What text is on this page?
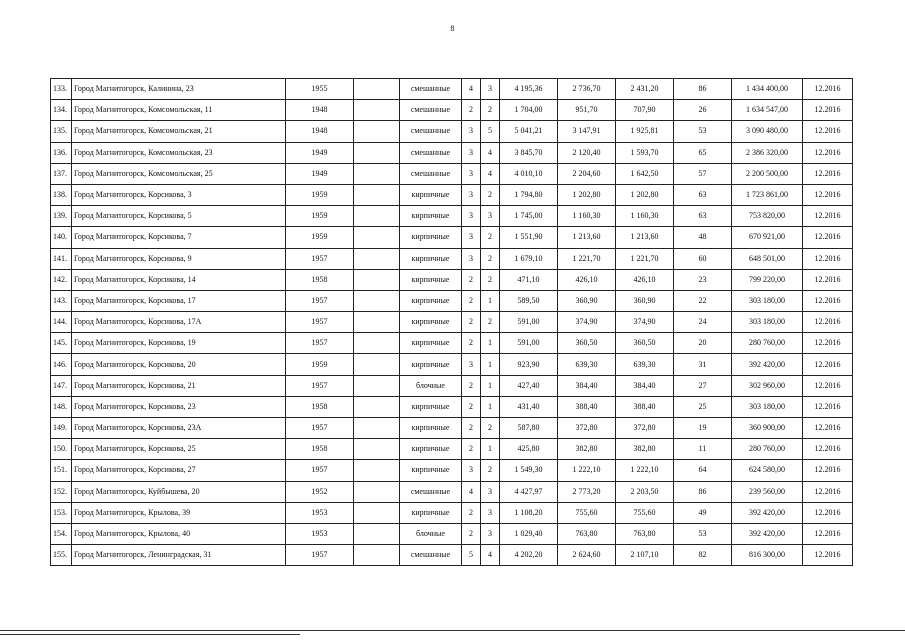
8
133.	Город Магнитогорск, Калинина, 23	1955		смешанные	4	3	4 195,36	2 736,70	2 431,20	86	1 434 400,00	12.2016
134.	Город Магнитогорск, Комсомольская, 11	1948		смешанные	2	2	1 704,00	951,70	707,90	26	1 634 547,00	12.2016
135.	Город Магнитогорск, Комсомольская, 21	1948		смешанные	3	5	5 041,21	3 147,91	1 925,81	53	3 090 480,00	12.2016
136.	Город Магнитогорск, Комсомольская, 23	1949		смешанные	3	4	3 845,70	2 120,40	1 593,70	65	2 386 320,00	12.2016
137.	Город Магнитогорск, Комсомольская, 25	1949		смешанные	3	4	4 010,10	2 204,60	1 642,50	57	2 200 500,00	12.2016
138.	Город Магнитогорск, Корсикова, 3	1959		кирпичные	3	2	1 794,80	1 202,80	1 202,80	63	1 723 861,00	12.2016
139.	Город Магнитогорск, Корсикова, 5	1959		кирпичные	3	3	1 745,00	1 160,30	1 160,30	63	753 820,00	12.2016
140.	Город Магнитогорск, Корсикова, 7	1959		кирпичные	3	2	1 551,90	1 213,60	1 213,60	48	670 921,00	12.2016
141.	Город Магнитогорск, Корсикова, 9	1957		кирпичные	3	2	1 679,10	1 221,70	1 221,70	60	648 501,00	12.2016
142.	Город Магнитогорск, Корсикова, 14	1958		кирпичные	2	2	471,10	426,10	426,10	23	799 220,00	12.2016
143.	Город Магнитогорск, Корсикова, 17	1957		кирпичные	2	1	589,50	360,90	360,90	22	303 180,00	12.2016
144.	Город Магнитогорск, Корсикова, 17А	1957		кирпичные	2	2	591,00	374,90	374,90	24	303 180,00	12.2016
145.	Город Магнитогорск, Корсикова, 19	1957		кирпичные	2	1	591,00	360,50	360,50	20	280 760,00	12.2016
146.	Город Магнитогорск, Корсикова, 20	1959		кирпичные	3	1	923,90	639,30	639,30	31	392 420,00	12.2016
147.	Город Магнитогорск, Корсикова, 21	1957		блочные	2	1	427,40	384,40	384,40	27	302 960,00	12.2016
148.	Город Магнитогорск, Корсикова, 23	1958		кирпичные	2	1	431,40	388,40	388,40	25	303 180,00	12.2016
149.	Город Магнитогорск, Корсикова, 23А	1957		кирпичные	2	2	587,80	372,80	372,80	19	360 900,00	12.2016
150.	Город Магнитогорск, Корсикова, 25	1958		кирпичные	2	1	425,80	382,80	382,80	11	280 760,00	12.2016
151.	Город Магнитогорск, Корсикова, 27	1957		кирпичные	3	2	1 549,30	1 222,10	1 222,10	64	624 580,00	12.2016
152.	Город Магнитогорск, Куйбышева, 20	1952		смешанные	4	3	4 427,97	2 773,20	2 203,50	86	239 560,00	12.2016
153.	Город Магнитогорск, Крылова, 39	1953		кирпичные	2	3	1 108,20	755,60	755,60	49	392 420,00	12.2016
154.	Город Магнитогорск, Крылова, 40	1953		блочные	2	3	1 029,40	763,80	763,80	53	392 420,00	12.2016
155.	Город Магнитогорск, Ленинградская, 31	1957		смешанные	5	4	4 202,20	2 624,60	2 107,10	82	816 300,00	12.2016
